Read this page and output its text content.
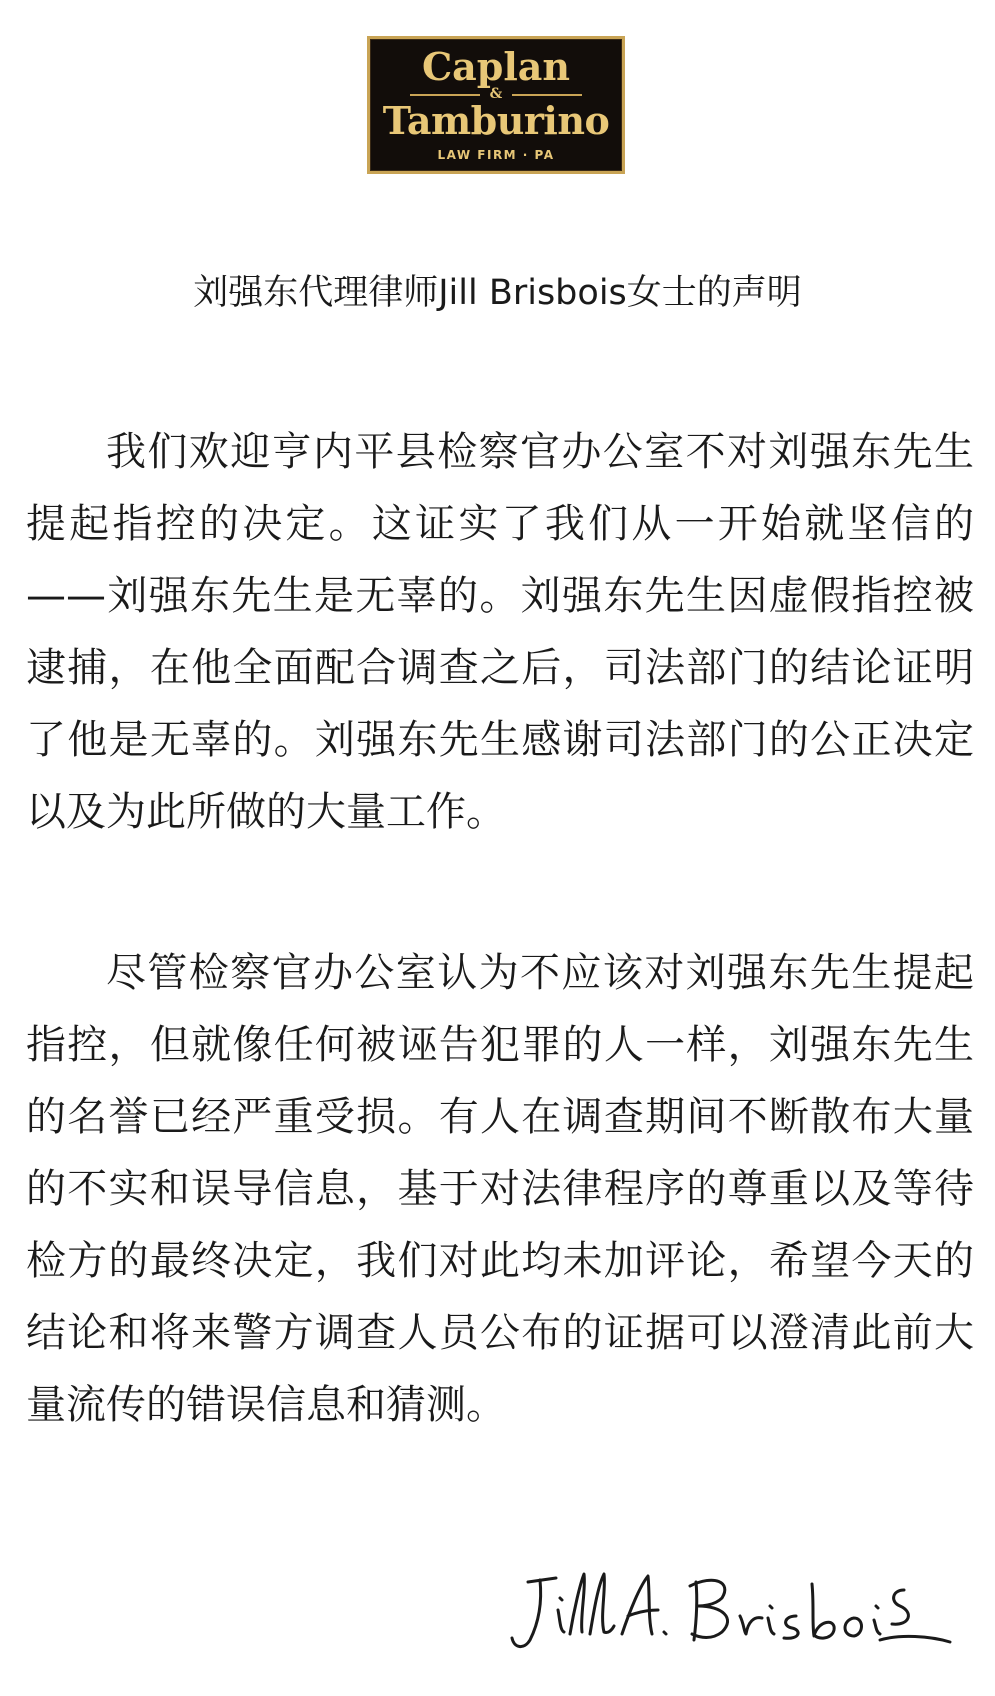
Caplan
&
Tamburino
LAW FIRM · PA
刘强东代理律师Jill Brisbois女士的声明

我们欢迎亨内平县检察官办公室不对刘强东先生提起指控的决定。这证实了我们从一开始就坚信的——刘强东先生是无辜的。刘强东先生因虚假指控被逮捕，在他全面配合调查之后，司法部门的结论证明了他是无辜的。刘强东先生感谢司法部门的公正决定以及为此所做的大量工作。

尽管检察官办公室认为不应该对刘强东先生提起指控，但就像任何被诬告犯罪的人一样，刘强东先生的名誉已经严重受损。有人在调查期间不断散布大量的不实和误导信息，基于对法律程序的尊重以及等待检方的最终决定，我们对此均未加评论，希望今天的结论和将来警方调查人员公布的证据可以澄清此前大量流传的错误信息和猜测。
